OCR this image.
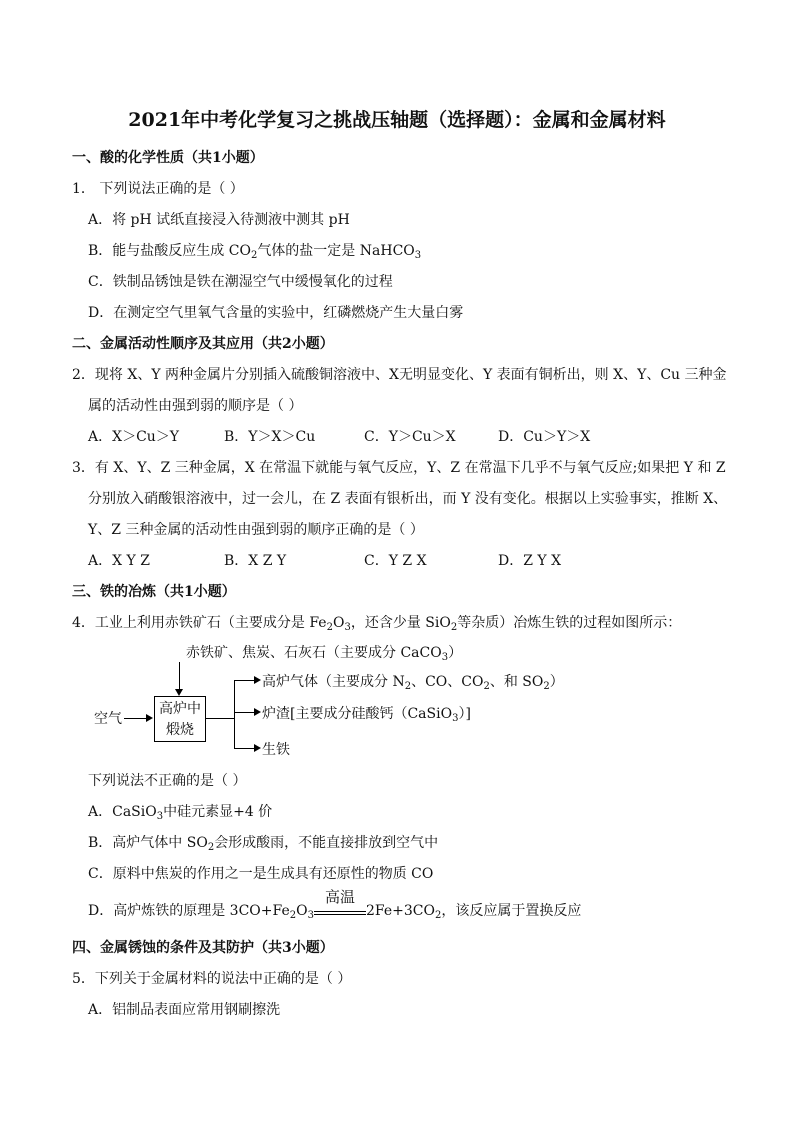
2021年中考化学复习之挑战压轴题（选择题）：金属和金属材料
一、酸的化学性质（共1小题）
1． 下列说法正确的是（ ）
A．将 pH 试纸直接浸入待测液中测其 pH
B．能与盐酸反应生成 $CO_2$气体的盐一定是 NaHCO$_3$
C．铁制品锈蚀是铁在潮湿空气中缓慢氧化的过程
D．在测定空气里氧气含量的实验中，红磷燃烧产生大量白雾
二、金属活动性顺序及其应用（共2小题）
2．现将 X、Y 两种金属片分别插入硫酸铜溶液中、X无明显变化、Y 表面有铜析出，则 X、Y、Cu 三种金
属的活动性由强到弱的顺序是（ ）
A．X＞Cu＞Y	B．Y＞X＞Cu	C．Y＞Cu＞X	D．Cu＞Y＞X
3．有 X、Y、Z 三种金属，X 在常温下就能与氧气反应，Y、Z 在常温下几乎不与氧气反应;如果把 Y 和 Z
分别放入硝酸银溶液中，过一会儿，在 Z 表面有银析出，而 Y 没有变化。根据以上实验事实，推断 X、
Y、Z 三种金属的活动性由强到弱的顺序正确的是（ ）
A．X Y Z	B．X Z Y	C．Y Z X	D．Z Y X
三、铁的冶炼（共1小题）
4．工业上利用赤铁矿石（主要成分是 $Fe_2O_3$，还含少量 SiO$_2$等杂质）冶炼生铁的过程如图所示：
赤铁矿、焦炭、石灰石（主要成分 CaCO$_3$）
空气
高炉中
煅烧
高炉气体（主要成分 $N_2$、CO、$CO_2$、和 $SO_2$）
炉渣[主要成分硅酸钙（CaSiO$_3$）]
生铁
下列说法不正确的是（ ）
A．CaSiO$_3$中硅元素显+4 价
B．高炉气体中 $SO_2$会形成酸雨，不能直接排放到空气中
C．原料中焦炭的作用之一是生成具有还原性的物质 CO
D．高炉炼铁的原理是 $3CO+Fe_2O_3$
高温
$2Fe+3CO_2$，该反应属于置换反应
四、金属锈蚀的条件及其防护（共3小题）
5．下列关于金属材料的说法中正确的是（ ）
A．铝制品表面应常用钢刷擦洗
